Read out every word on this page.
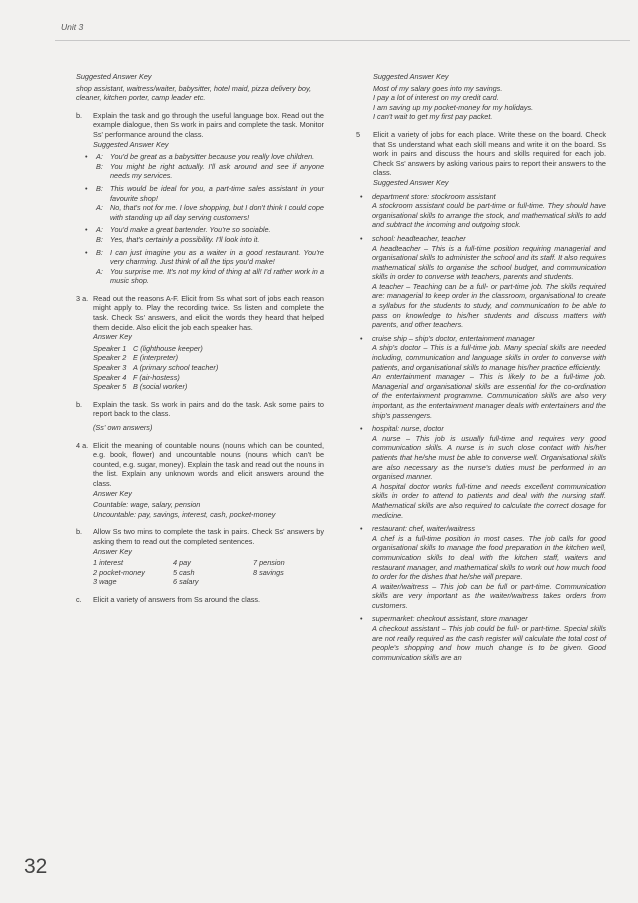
Unit 3

Suggested Answer Key

shop assistant, waitress/waiter, babysitter, hotel maid, pizza delivery boy, cleaner, kitchen porter, camp leader etc.

b. Explain the task and go through the useful language box. Read out the example dialogue, then Ss work in pairs and complete the task. Monitor Ss' performance around the class.

Suggested Answer Key

• A: You'd be great as a babysitter because you really love children.
B: You might be right actually. I'll ask around and see if anyone needs my services.
• B: This would be ideal for you, a part-time sales assistant in your favourite shop!
A: No, that's not for me. I love shopping, but I don't think I could cope with standing up all day serving customers!
• A: You'd make a great bartender. You're so sociable.
B: Yes, that's certainly a possibility. I'll look into it.
• B: I can just imagine you as a waiter in a good restaurant. You're very charming. Just think of all the tips you'd make!
A: You surprise me. It's not my kind of thing at all! I'd rather work in a music shop.
3 a. Read out the reasons A-F. Elicit from Ss what sort of jobs each reason might apply to. Play the recording twice. Ss listen and complete the task. Check Ss' answers, and elicit the words they heard that helped them decide. Also elicit the job each speaker has.

Answer Key

Speaker 1 C (lighthouse keeper)
Speaker 2 E (interpreter)
Speaker 3 A (primary school teacher)
Speaker 4 F (air-hostess)
Speaker 5 B (social worker)
b. Explain the task. Ss work in pairs and do the task. Ask some pairs to report back to the class.

(Ss' own answers)

4 a. Elicit the meaning of countable nouns (nouns which can be counted, e.g. book, flower) and uncountable nouns (nouns which can't be counted, e.g. sugar, money). Explain the task and read out the nouns in the list. Explain any unknown words and elicit answers around the class.

Answer Key

Countable: wage, salary, pension

Uncountable: pay, savings, interest, cash, pocket-money

b. Allow Ss two mins to complete the task in pairs. Check Ss' answers by asking them to read out the completed sentences.

Answer Key

1 interest	4 pay	7 pension
2 pocket-money	5 cash	8 savings
3 wage	6 salary
c. Elicit a variety of answers from Ss around the class.

Suggested Answer Key

Most of my salary goes into my savings.

I pay a lot of interest on my credit card.

I am saving up my pocket-money for my holidays.

I can't wait to get my first pay packet.

5 Elicit a variety of jobs for each place. Write these on the board. Check that Ss understand what each skill means and write it on the board. Ss work in pairs and discuss the hours and skills required for each job. Check Ss' answers by asking various pairs to report their answers to the class.

Suggested Answer Key

• department store: stockroom assistant

A stockroom assistant could be part-time or full-time. They should have organisational skills to arrange the stock, and mathematical skills to add and subtract the incoming and outgoing stock.

• school: headteacher, teacher

A headteacher – This is a full-time position requiring managerial and organisational skills to administer the school and its staff. It also requires mathematical skills to organise the school budget, and communication skills in order to converse with teachers, parents and students.

A teacher – Teaching can be a full- or part-time job. The skills required are: managerial to keep order in the classroom, organisational to create a syllabus for the students to study, and communication to be able to pass on knowledge to his/her students and discuss matters with parents, and other teachers.

• cruise ship – ship's doctor, entertainment manager

A ship's doctor – This is a full-time job. Many special skills are needed including, communication and language skills in order to converse with patients, and organisational skills to manage his/her practice efficiently.

An entertainment manager – This is likely to be a full-time job. Managerial and organisational skills are essential for the co-ordination of the entertainment programme. Communication skills are also very important, as the entertainment manager deals with entertainers and the ship's passengers.

• hospital: nurse, doctor

A nurse – This job is usually full-time and requires very good communication skills. A nurse is in such close contact with his/her patients that he/she must be able to converse well. Organisational skills are also necessary as the nurse's duties must be performed in an organised manner.

A hospital doctor works full-time and needs excellent communication skills in order to attend to patients and deal with the nursing staff. Mathematical skills are also required to calculate the correct dosage for medicine.

• restaurant: chef, waiter/waitress

A chef is a full-time position in most cases. The job calls for good organisational skills to manage the food preparation in the kitchen well, communication skills to deal with the kitchen staff, waiters and restaurant manager, and mathematical skills to work out how much food to order for the dishes that he/she will prepare.

A waiter/waitress – This job can be full or part-time. Communication skills are very important as the waiter/waitress takes orders from customers.

• supermarket: checkout assistant, store manager

A checkout assistant – This job could be full- or part-time. Special skills are not really required as the cash register will calculate the total cost of people's shopping and how much change is to be given. Good communication skills are an

32
